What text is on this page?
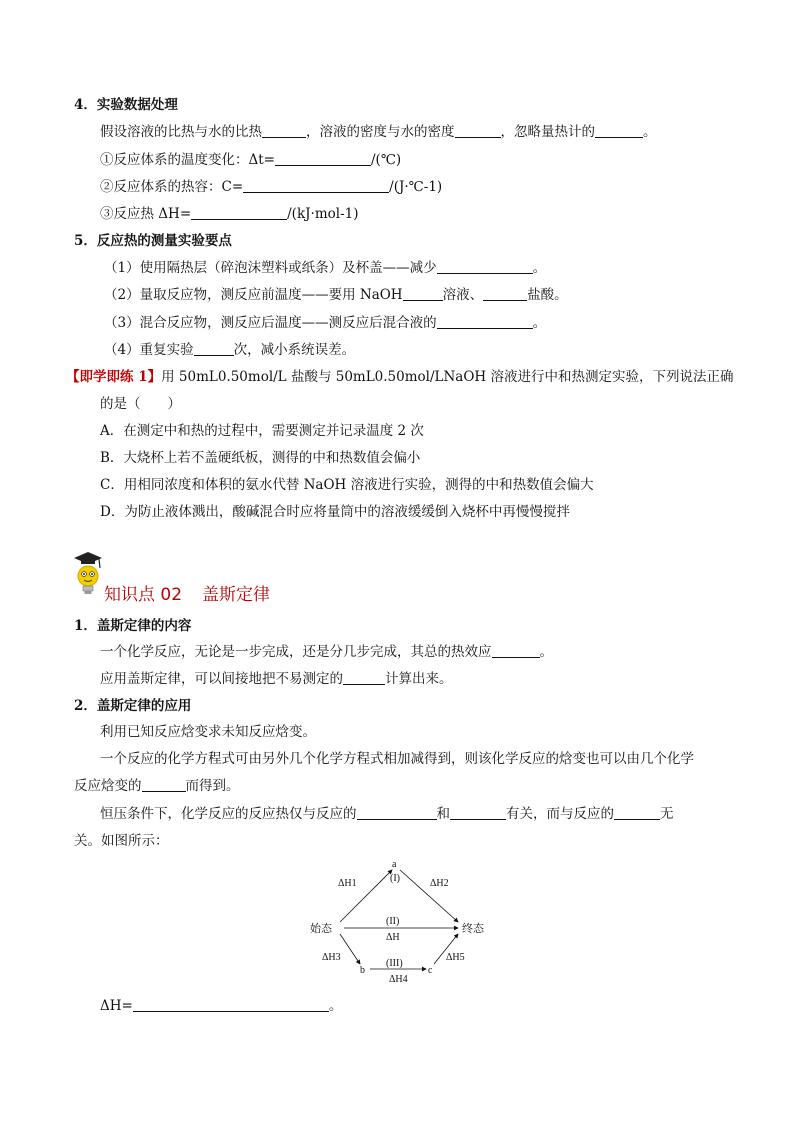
4．实验数据处理
假设溶液的比热与水的比热	，溶液的密度与水的密度	，忽略量热计的	。
①反应体系的温度变化：Δt=	/(℃)
②反应体系的热容：C=	/(J·℃-1)
③反应热 ΔH=	/(kJ·mol-1)
5．反应热的测量实验要点
（1）使用隔热层（碎泡沫塑料或纸条）及杯盖——减少	。
（2）量取反应物，测反应前温度——要用 NaOH	溶液、	盐酸。
（3）混合反应物，测反应后温度——测反应后混合液的	。
（4）重复实验	次，减小系统误差。
【即学即练 1】用 50mL0.50mol/L 盐酸与 50mL0.50mol/LNaOH 溶液进行中和热测定实验，下列说法正确
的是（　　）
A．在测定中和热的过程中，需要测定并记录温度 2 次
B．大烧杯上若不盖硬纸板，测得的中和热数值会偏小
C．用相同浓度和体积的氨水代替 NaOH 溶液进行实验，测得的中和热数值会偏大
D．为防止液体溅出，酸碱混合时应将量筒中的溶液缓缓倒入烧杯中再慢慢搅拌
知识点 02 盖斯定律
1．盖斯定律的内容
一个化学反应，无论是一步完成，还是分几步完成，其总的热效应	。
应用盖斯定律，可以间接地把不易测定的	计算出来。
2．盖斯定律的应用
利用已知反应焓变求未知反应焓变。
一个反应的化学方程式可由另外几个化学方程式相加减得到，则该化学反应的焓变也可以由几个化学
反应焓变的	而得到。
恒压条件下，化学反应的反应热仅与反应的	和	有关，而与反应的	无
关。如图所示：
始态	终态
a
(I)
ΔH1	ΔH2
(II)
ΔH
ΔH3
b
(III)
ΔH4
c
ΔH5
ΔH=	。
